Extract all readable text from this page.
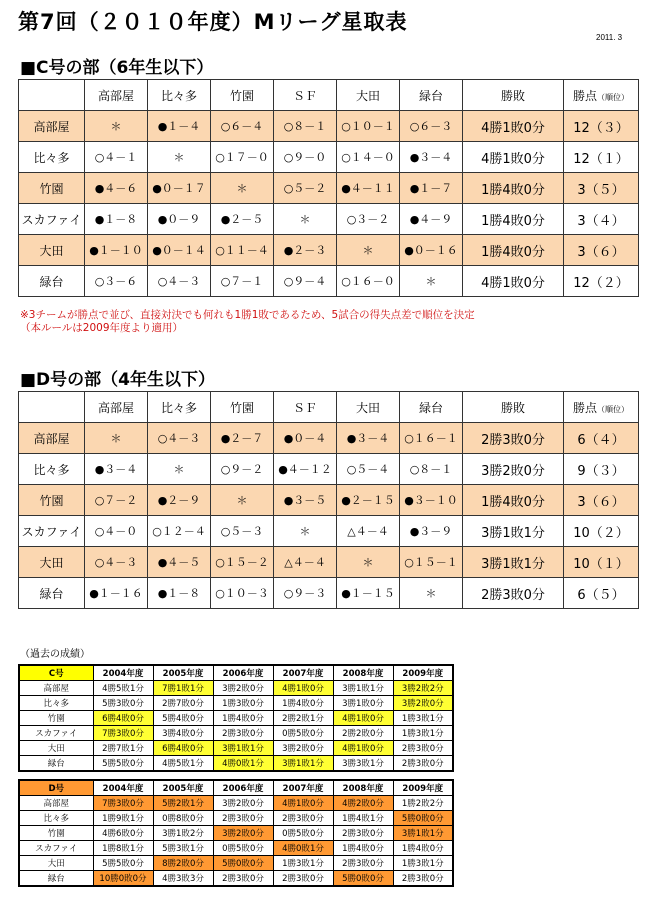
第7回（２０１０年度）Mリーグ星取表
2011. 3
■C号の部（6年生以下）
	高部屋	比々多	竹園	ＳＦ	大田	緑台	勝敗	勝点（順位）
高部屋	＊	●１－４	○６－４	○８－１	○１０－１	○６－３	4勝1敗0分	12（３）
比々多	○４－１	＊	○１７－０	○９－０	○１４－０	●３－４	4勝1敗0分	12（１）
竹園	●４－６	●０－１７	＊	○５－２	●４－１１	●１－７	1勝4敗0分	3（５）
スカファイ	●１－８	●０－９	●２－５	＊	○３－２	●４－９	1勝4敗0分	3（４）
大田	●１－１０	●０－１４	○１１－４	●２－３	＊	●０－１６	1勝4敗0分	3（６）
緑台	○３－６	○４－３	○７－１	○９－４	○１６－０	＊	4勝1敗0分	12（２）
※3チームが勝点で並び、直接対決でも何れも1勝1敗であるため、5試合の得失点差で順位を決定
（本ルールは2009年度より適用）
■D号の部（4年生以下）
	高部屋	比々多	竹園	ＳＦ	大田	緑台	勝敗	勝点（順位）
高部屋	＊	○４－３	●２－７	●０－４	●３－４	○１６－１	2勝3敗0分	6（４）
比々多	●３－４	＊	○９－２	●４－１２	○５－４	○８－１	3勝2敗0分	9（３）
竹園	○７－２	●２－９	＊	●３－５	●２－１５	●３－１０	1勝4敗0分	3（６）
スカファイ	○４－０	○１２－４	○５－３	＊	△４－４	●３－９	3勝1敗1分	10（２）
大田	○４－３	●４－５	○１５－２	△４－４	＊	○１５－１	3勝1敗1分	10（１）
緑台	●１－１６	●１－８	○１０－３	○９－３	●１－１５	＊	2勝3敗0分	6（５）
（過去の成績）
C号	2004年度	2005年度	2006年度	2007年度	2008年度	2009年度
高部屋	4勝5敗1分	7勝1敗1分	3勝2敗0分	4勝1敗0分	3勝1敗1分	3勝2敗2分
比々多	5勝3敗0分	2勝7敗0分	1勝3敗0分	1勝4敗0分	3勝1敗0分	3勝2敗0分
竹園	6勝4敗0分	5勝4敗0分	1勝4敗0分	2勝2敗1分	4勝1敗0分	1勝3敗1分
スカファイ	7勝3敗0分	3勝4敗0分	2勝3敗0分	0勝5敗0分	2勝2敗0分	1勝3敗1分
大田	2勝7敗1分	6勝4敗0分	3勝1敗1分	3勝2敗0分	4勝1敗0分	2勝3敗0分
緑台	5勝5敗0分	4勝5敗1分	4勝0敗1分	3勝1敗1分	3勝3敗1分	2勝3敗0分
D号	2004年度	2005年度	2006年度	2007年度	2008年度	2009年度
高部屋	7勝3敗0分	5勝2敗1分	3勝2敗0分	4勝1敗0分	4勝2敗0分	1勝2敗2分
比々多	1勝9敗1分	0勝8敗0分	2勝3敗0分	2勝3敗0分	1勝4敗1分	5勝0敗0分
竹園	4勝6敗0分	3勝1敗2分	3勝2敗0分	0勝5敗0分	2勝3敗0分	3勝1敗1分
スカファイ	1勝8敗1分	5勝3敗1分	0勝5敗0分	4勝0敗1分	1勝4敗0分	1勝4敗0分
大田	5勝5敗0分	8勝2敗0分	5勝0敗0分	1勝3敗1分	2勝3敗0分	1勝3敗1分
緑台	10勝0敗0分	4勝3敗3分	2勝3敗0分	2勝3敗0分	5勝0敗0分	2勝3敗0分
